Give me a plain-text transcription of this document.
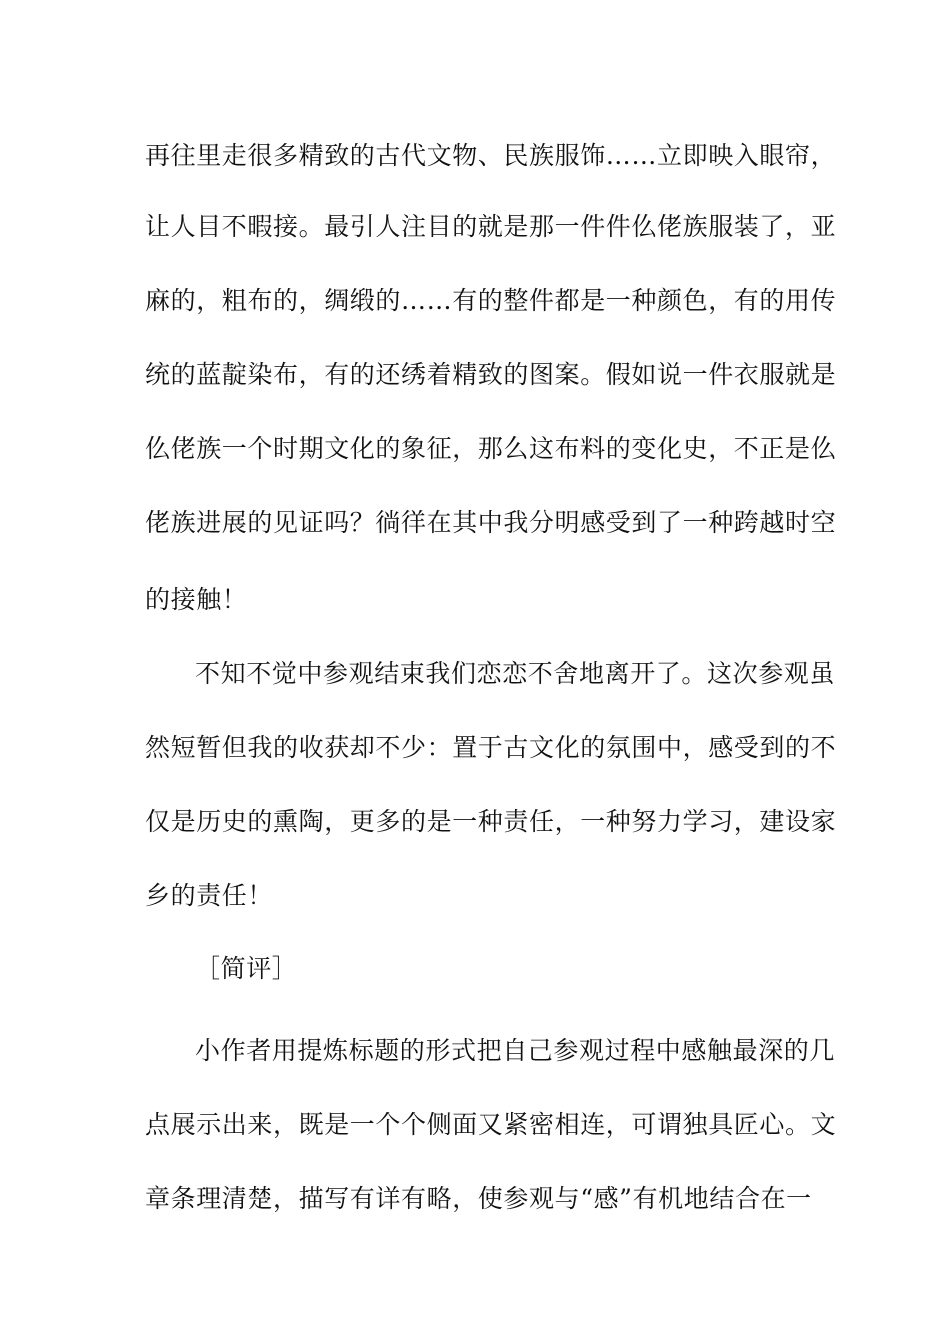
再往里走很多精致的古代文物、民族服饰……立即映入眼帘，
让人目不暇接。最引人注目的就是那一件件仫佬族服装了，亚
麻的，粗布的，绸缎的……有的整件都是一种颜色，有的用传
统的蓝靛染布，有的还绣着精致的图案。假如说一件衣服就是
仫佬族一个时期文化的象征，那么这布料的变化史，不正是仫
佬族进展的见证吗？徜徉在其中我分明感受到了一种跨越时空
的接触！
不知不觉中参观结束我们恋恋不舍地离开了。这次参观虽
然短暂但我的收获却不少：置于古文化的氛围中，感受到的不
仅是历史的熏陶，更多的是一种责任，一种努力学习，建设家
乡的责任！
［简评］
小作者用提炼标题的形式把自己参观过程中感触最深的几
点展示出来，既是一个个侧面又紧密相连，可谓独具匠心。文
章条理清楚，描写有详有略，使参观与“感”有机地结合在一
